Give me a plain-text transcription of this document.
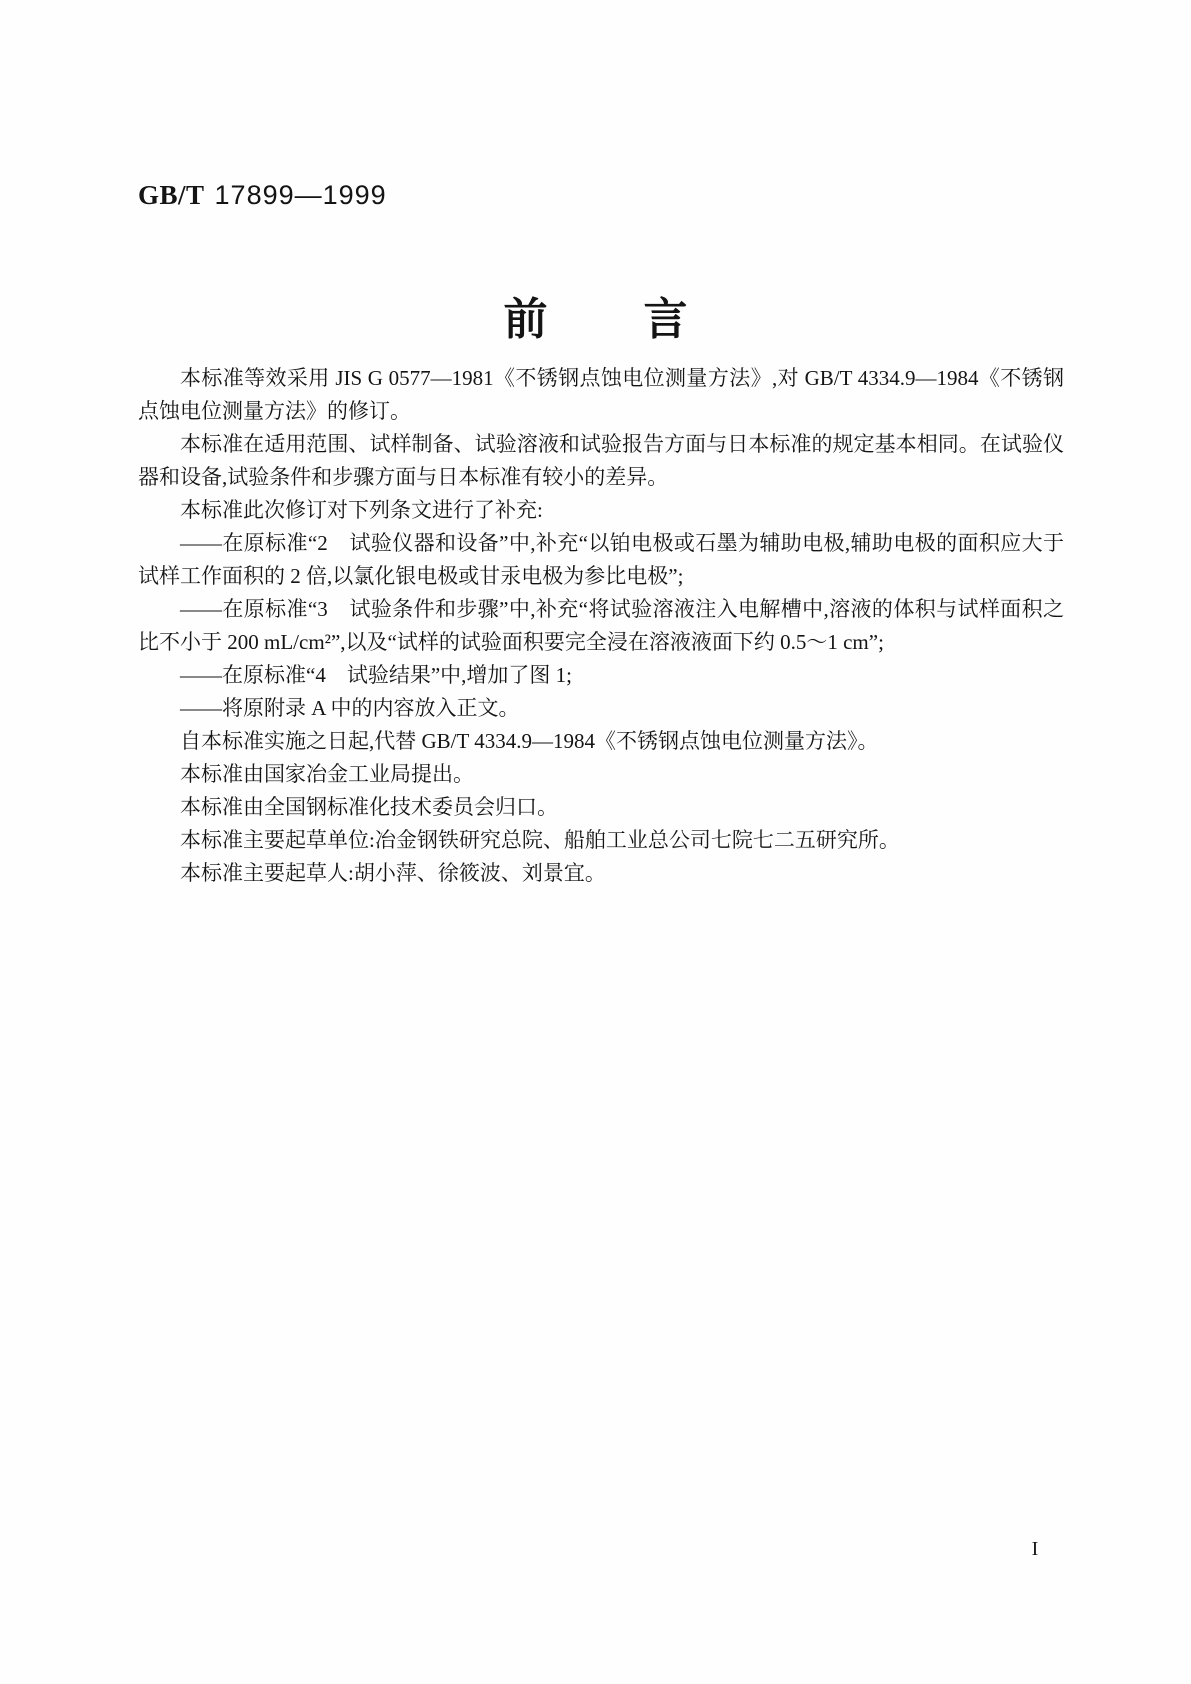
GB/T 17899—1999
前 言

本标准等效采用 JIS G 0577—1981《不锈钢点蚀电位测量方法》,对 GB/T 4334.9—1984《不锈钢点蚀电位测量方法》的修订。

本标准在适用范围、试样制备、试验溶液和试验报告方面与日本标准的规定基本相同。在试验仪器和设备,试验条件和步骤方面与日本标准有较小的差异。

本标准此次修订对下列条文进行了补充:

——在原标准“2　试验仪器和设备”中,补充“以铂电极或石墨为辅助电极,辅助电极的面积应大于试样工作面积的 2 倍,以氯化银电极或甘汞电极为参比电极”;

——在原标准“3　试验条件和步骤”中,补充“将试验溶液注入电解槽中,溶液的体积与试样面积之比不小于 200 mL/cm²”,以及“试样的试验面积要完全浸在溶液液面下约 0.5～1 cm”;

——在原标准“4　试验结果”中,增加了图 1;

——将原附录 A 中的内容放入正文。

自本标准实施之日起,代替 GB/T 4334.9—1984《不锈钢点蚀电位测量方法》。

本标准由国家冶金工业局提出。

本标准由全国钢标准化技术委员会归口。

本标准主要起草单位:冶金钢铁研究总院、船舶工业总公司七院七二五研究所。

本标准主要起草人:胡小萍、徐筱波、刘景宜。

I
